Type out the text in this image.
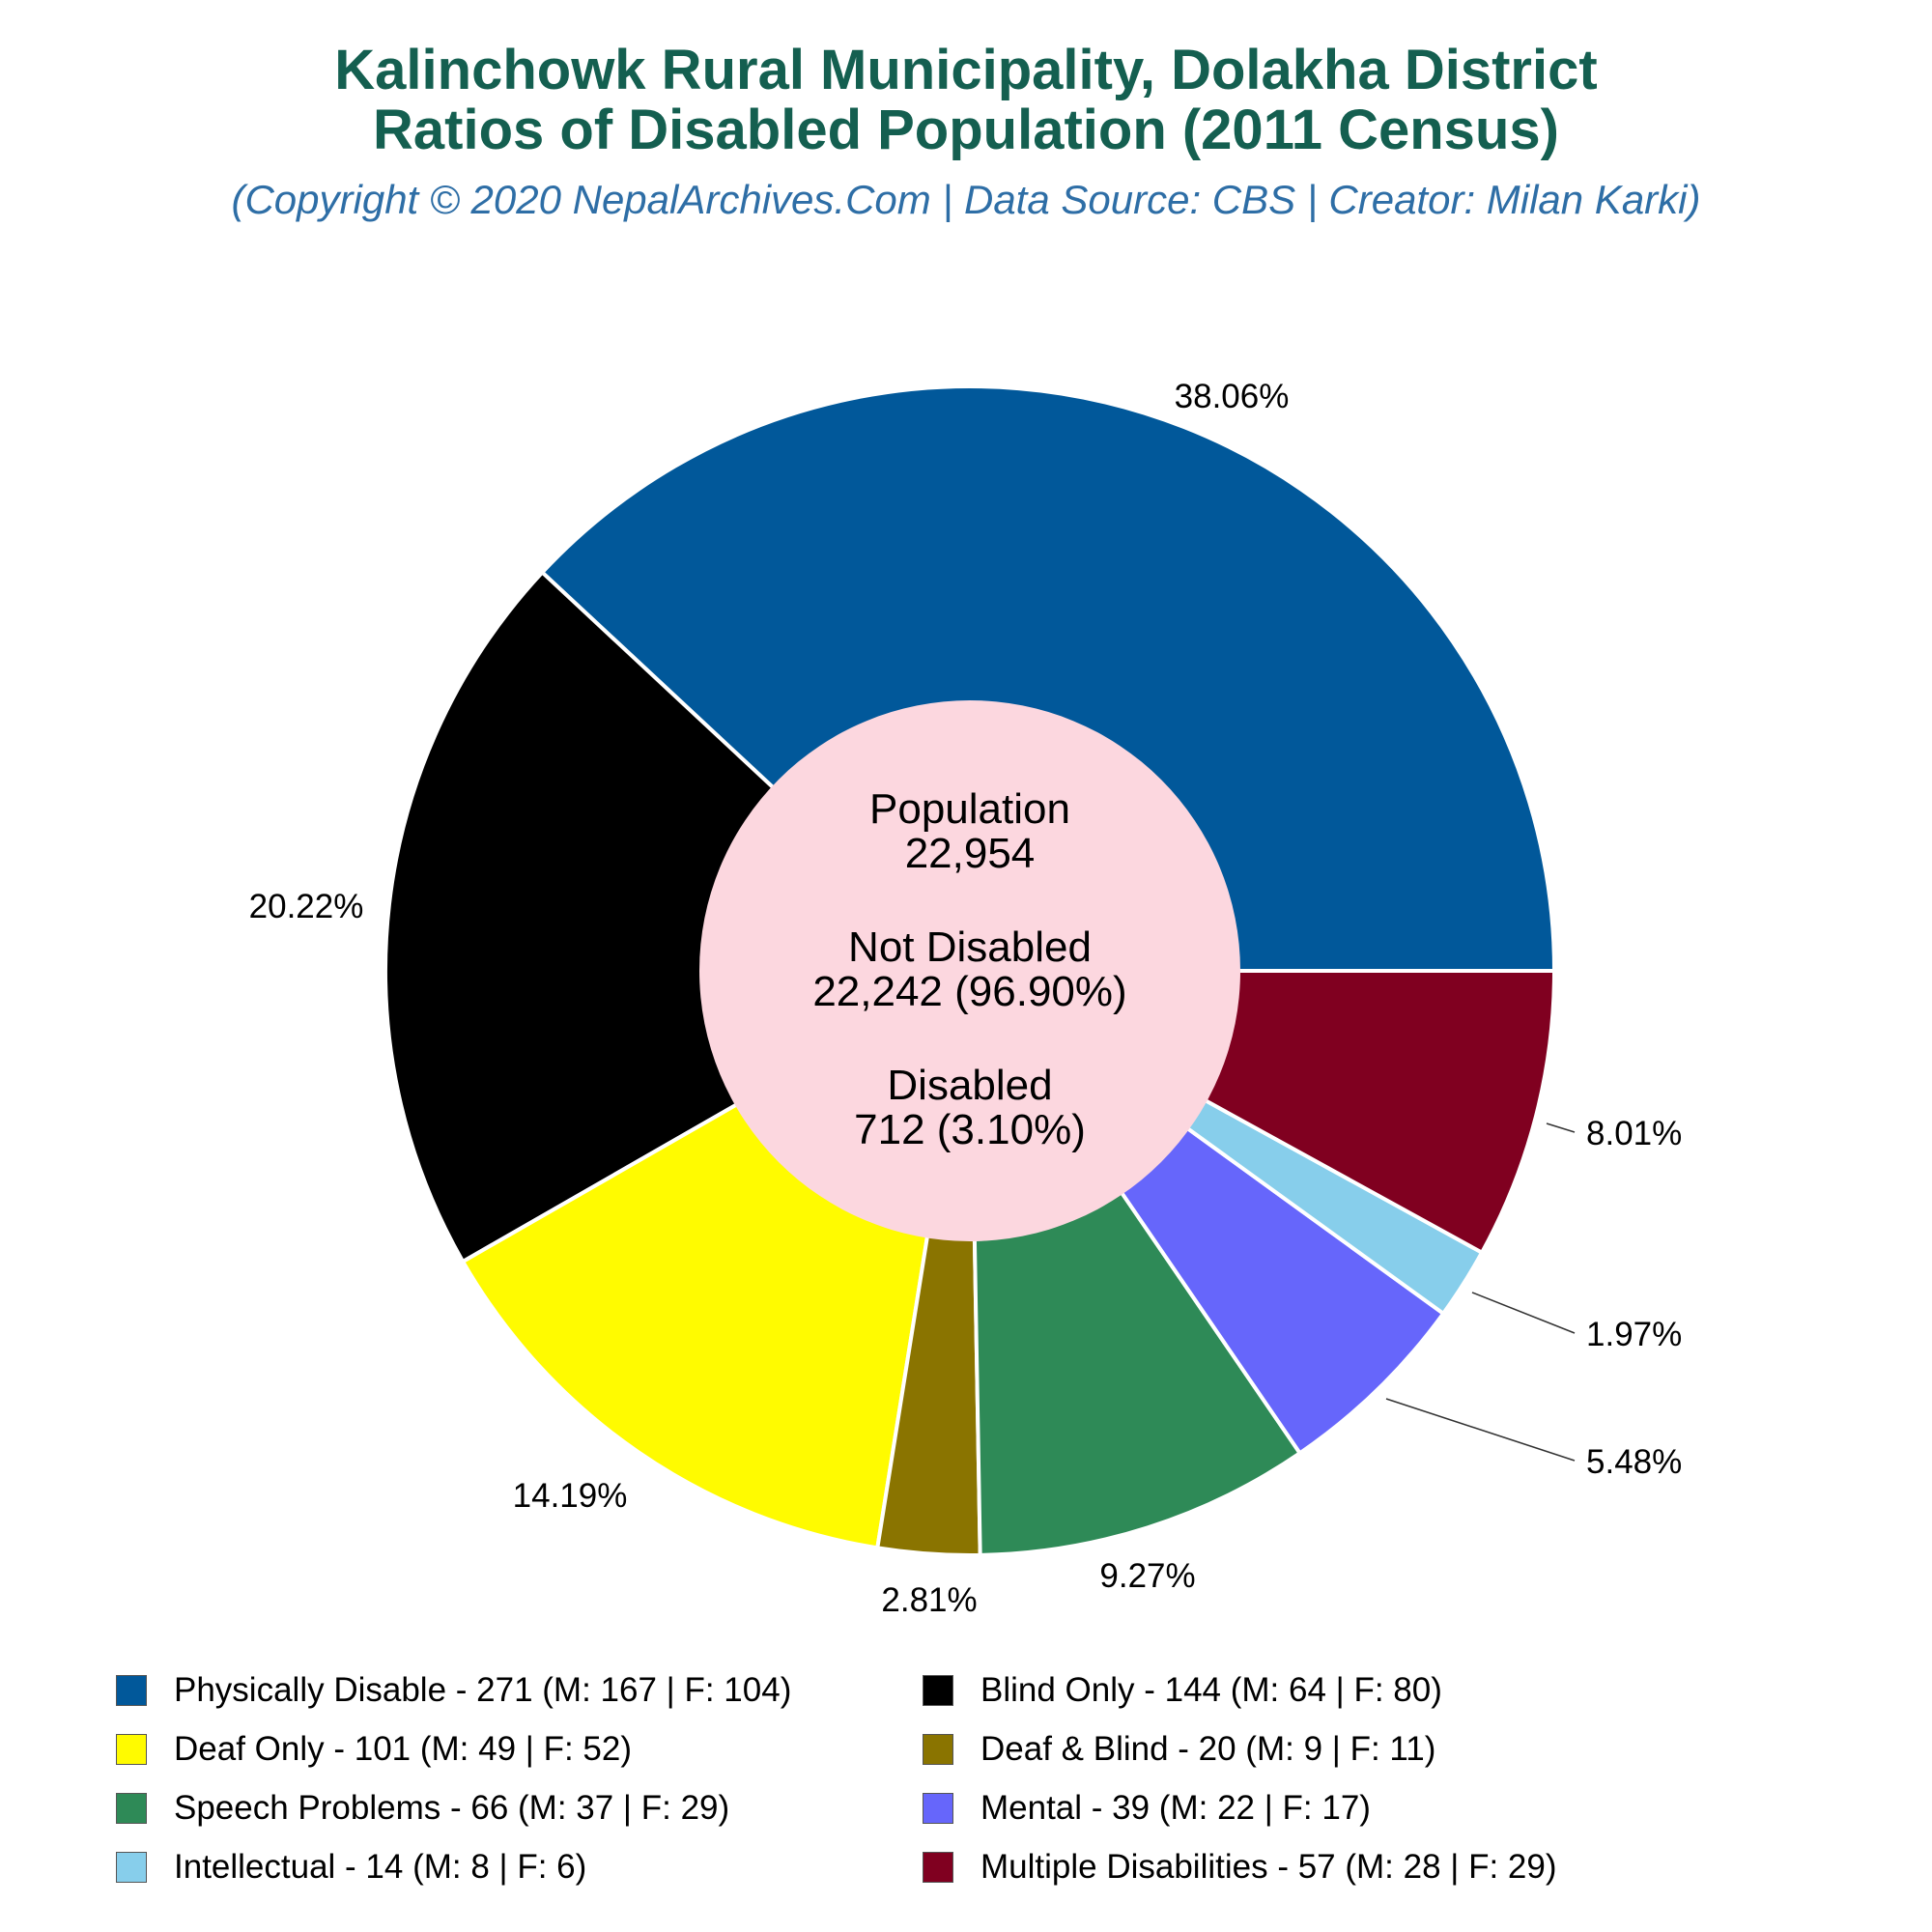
Kalinchowk Rural Municipality, Dolakha District
Ratios of Disabled Population (2011 Census)
(Copyright © 2020 NepalArchives.Com | Data Source: CBS | Creator: Milan Karki)
38.06%
20.22%
14.19%
2.81%
9.27%
5.48%
1.97%
8.01%
Population
22,954
Not Disabled
22,242 (96.90%)
Disabled
712 (3.10%)
Physically Disable - 271 (M: 167 | F: 104)	Blind Only - 144 (M: 64 | F: 80)
Deaf Only - 101 (M: 49 | F: 52)	Deaf & Blind - 20 (M: 9 | F: 11)
Speech Problems - 66 (M: 37 | F: 29)	Mental - 39 (M: 22 | F: 17)
Intellectual - 14 (M: 8 | F: 6)	Multiple Disabilities - 57 (M: 28 | F: 29)
